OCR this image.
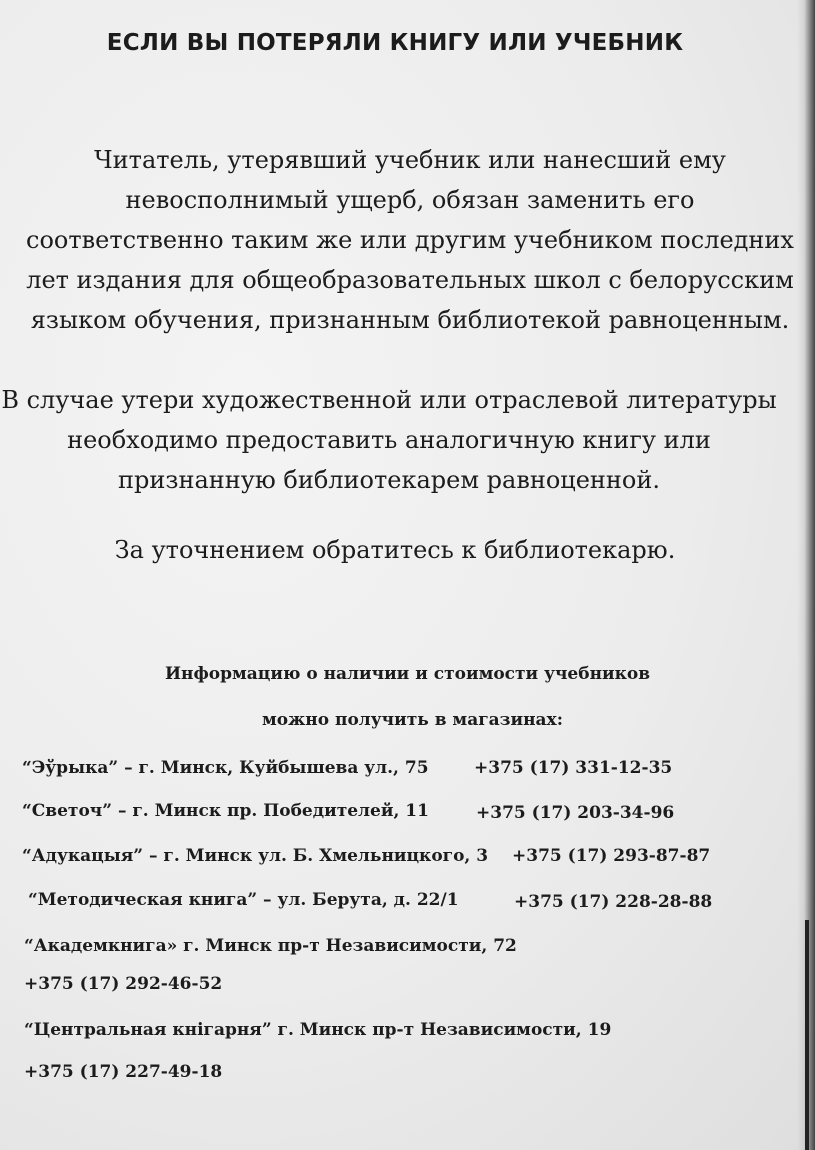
ЕСЛИ ВЫ ПОТЕРЯЛИ КНИГУ ИЛИ УЧЕБНИК
Читатель, утерявший учебник или нанесший ему
невосполнимый ущерб, обязан заменить его
соответственно таким же или другим учебником последних
лет издания для общеобразовательных школ с белорусским
языком обучения, признанным библиотекой равноценным.
В случае утери художественной или отраслевой литературы
необходимо предоставить аналогичную книгу или
признанную библиотекарем равноценной.
За уточнением обратитесь к библиотекарю.
Информацию о наличии и стоимости учебников
можно получить в магазинах:
“Эўрыка” – г. Минск, Куйбышева ул., 75	+375 (17) 331-12-35
“Светоч” – г. Минск пр. Победителей, 11	+375 (17) 203-34-96
“Адукацыя” – г. Минск ул. Б. Хмельницкого, 3 +375 (17) 293-87-87
“Методическая книга” – ул. Берута, д. 22/1	+375 (17) 228-28-88
“Академкнига» г. Минск пр-т Независимости, 72
+375 (17) 292-46-52
“Центральная кнiгарня” г. Минск пр-т Независимости, 19
+375 (17) 227-49-18
